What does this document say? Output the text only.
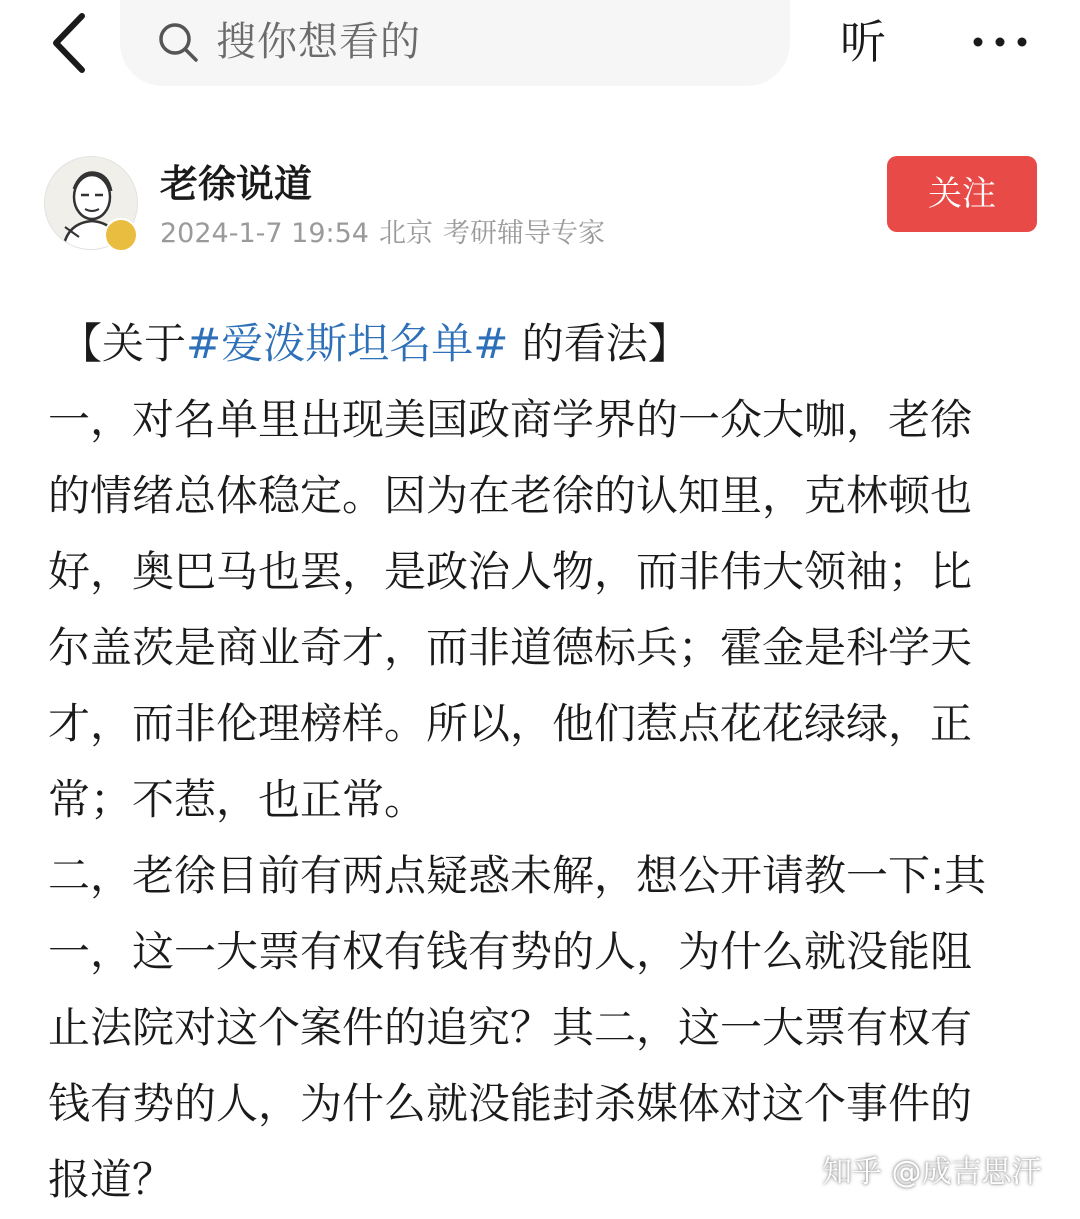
搜你想看的	听
老徐说道
2024-1-7 19:54 北京 考研辅导专家
关注

【关于#爱泼斯坦名单# 的看法】

一，对名单里出现美国政商学界的一众大咖，老徐的情绪总体稳定。因为在老徐的认知里，克林顿也好，奥巴马也罢，是政治人物，而非伟大领袖；比尔盖茨是商业奇才，而非道德标兵；霍金是科学天才，而非伦理榜样。所以，他们惹点花花绿绿，正常；不惹，也正常。

二，老徐目前有两点疑惑未解，想公开请教一下:其一，这一大票有权有钱有势的人，为什么就没能阻止法院对这个案件的追究？其二，这一大票有权有钱有势的人，为什么就没能封杀媒体对这个事件的报道？	知乎 @成吉思汗
